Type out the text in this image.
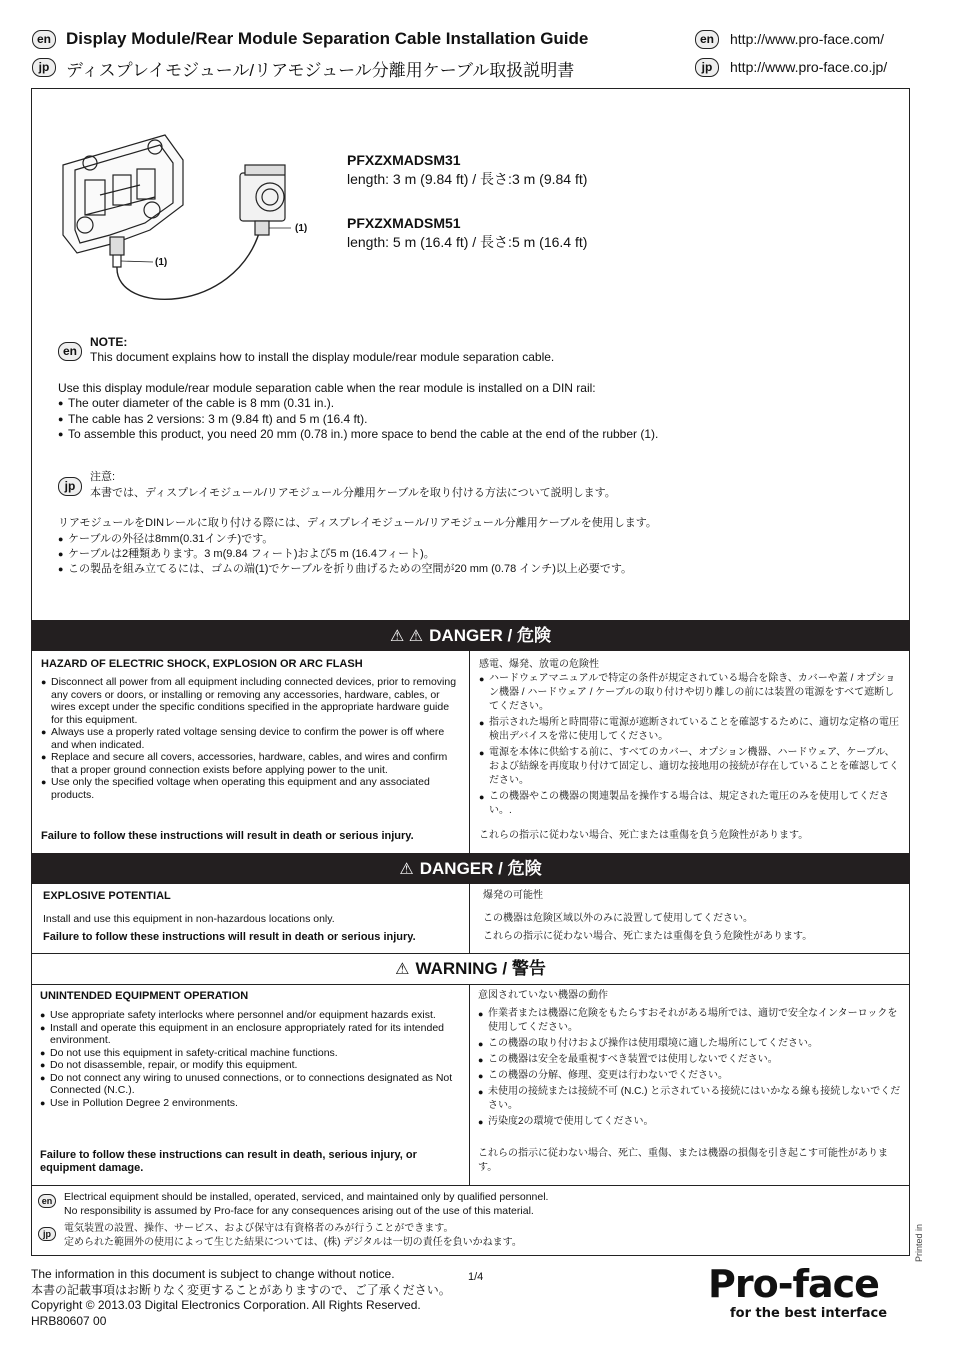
en Display Module/Rear Module Separation Cable Installation Guide
jp ディスプレイモジュール/リアモジュール分離用ケーブル取扱説明書
en	http://www.pro-face.com/
jp	http://www.pro-face.co.jp/
(1)
(1)
PFXZXMADSM31
length: 3 m (9.84 ft) / 長さ:3 m (9.84 ft)
PFXZXMADSM51
length: 5 m (16.4 ft) / 長さ:5 m (16.4 ft)
en
NOTE:
This document explains how to install the display module/rear module separation cable.
Use this display module/rear module separation cable when the rear module is installed on a DIN rail:
● The outer diameter of the cable is 8 mm (0.31 in.).
● The cable has 2 versions: 3 m (9.84 ft) and 5 m (16.4 ft).
● To assemble this product, you need 20 mm (0.78 in.) more space to bend the cable at the end of the rubber (1).
jp
注意:
本書では、ディスプレイモジュール/リアモジュール分離用ケーブルを取り付ける方法について説明します。
リアモジュールをDINレールに取り付ける際には、ディスプレイモジュール/リアモジュール分離用ケーブルを使用します。
● ケーブルの外径は8mm(0.31インチ)です。
● ケーブルは2種類あります。3 m(9.84 フィート)および5 m (16.4フィート)。
● この製品を組み立てるには、ゴムの端(1)でケーブルを折り曲げるための空間が20 mm (0.78 インチ)以上必要です。
⚠︎ ⚠︎ DANGER / 危険
HAZARD OF ELECTRIC SHOCK, EXPLOSION OR ARC FLASH
● Disconnect all power from all equipment including connected devices, prior to removing any covers or doors, or installing or removing any accessories, hardware, cables, or wires except under the specific conditions specified in the appropriate hardware guide for this equipment.
● Always use a properly rated voltage sensing device to confirm the power is off where and when indicated.
● Replace and secure all covers, accessories, hardware, cables, and wires and confirm that a proper ground connection exists before applying power to the unit.
● Use only the specified voltage when operating this equipment and any associated products.
Failure to follow these instructions will result in death or serious injury.
感電、爆発、放電の危険性
● ハードウェアマニュアルで特定の条件が規定されている場合を除き、カバーや蓋 / オプション機器 / ハードウェア / ケーブルの取り付けや切り離しの前には装置の電源をすべて遮断してください。
● 指示された場所と時間帯に電源が遮断されていることを確認するために、適切な定格の電圧検出デバイスを常に使用してください。
● 電源を本体に供給する前に、すべてのカバー、オプション機器、ハードウェア、ケーブル、および結線を再度取り付けて固定し、適切な接地用の接続が存在していることを確認してください。
● この機器やこの機器の関連製品を操作する場合は、規定された電圧のみを使用してください。.
これらの指示に従わない場合、死亡または重傷を負う危険性があります。
⚠︎ DANGER / 危険
EXPLOSIVE POTENTIAL
Install and use this equipment in non-hazardous locations only.
Failure to follow these instructions will result in death or serious injury.
爆発の可能性
この機器は危険区域以外のみに設置して使用してください。
これらの指示に従わない場合、死亡または重傷を負う危険性があります。
⚠︎ WARNING / 警告
UNINTENDED EQUIPMENT OPERATION
● Use appropriate safety interlocks where personnel and/or equipment hazards exist.
● Install and operate this equipment in an enclosure appropriately rated for its intended environment.
● Do not use this equipment in safety-critical machine functions.
● Do not disassemble, repair, or modify this equipment.
● Do not connect any wiring to unused connections, or to connections designated as Not Connected (N.C.).
● Use in Pollution Degree 2 environments.
Failure to follow these instructions can result in death, serious injury, or equipment damage.
意図されていない機器の動作
● 作業者または機器に危険をもたらすおそれがある場所では、適切で安全なインターロックを使用してください。
● この機器の取り付けおよび操作は使用環境に適した場所にしてください。
● この機器は安全を最重視すべき装置では使用しないでください。
● この機器の分解、修理、変更は行わないでください。
● 未使用の接続または接続不可 (N.C.) と示されている接続にはいかなる線も接続しないでください。
● 汚染度2の環境で使用してください。
これらの指示に従わない場合、死亡、重傷、または機器の損傷を引き起こす可能性があります。
en	Electrical equipment should be installed, operated, serviced, and maintained only by qualified personnel.
No responsibility is assumed by Pro-face for any consequences arising out of the use of this material.
jp	電気装置の設置、操作、サービス、および保守は有資格者のみが行うことができます。
定められた範囲外の使用によって生じた結果については、(株) デジタルは一切の責任を負いかねます。	Printed in
The information in this document is subject to change without notice.
本書の記載事項はお断りなく変更することがありますので、ご了承ください。
Copyright © 2013.03 Digital Electronics Corporation. All Rights Reserved.
HRB80607 00
1/4	Pro-face
for the best interface
